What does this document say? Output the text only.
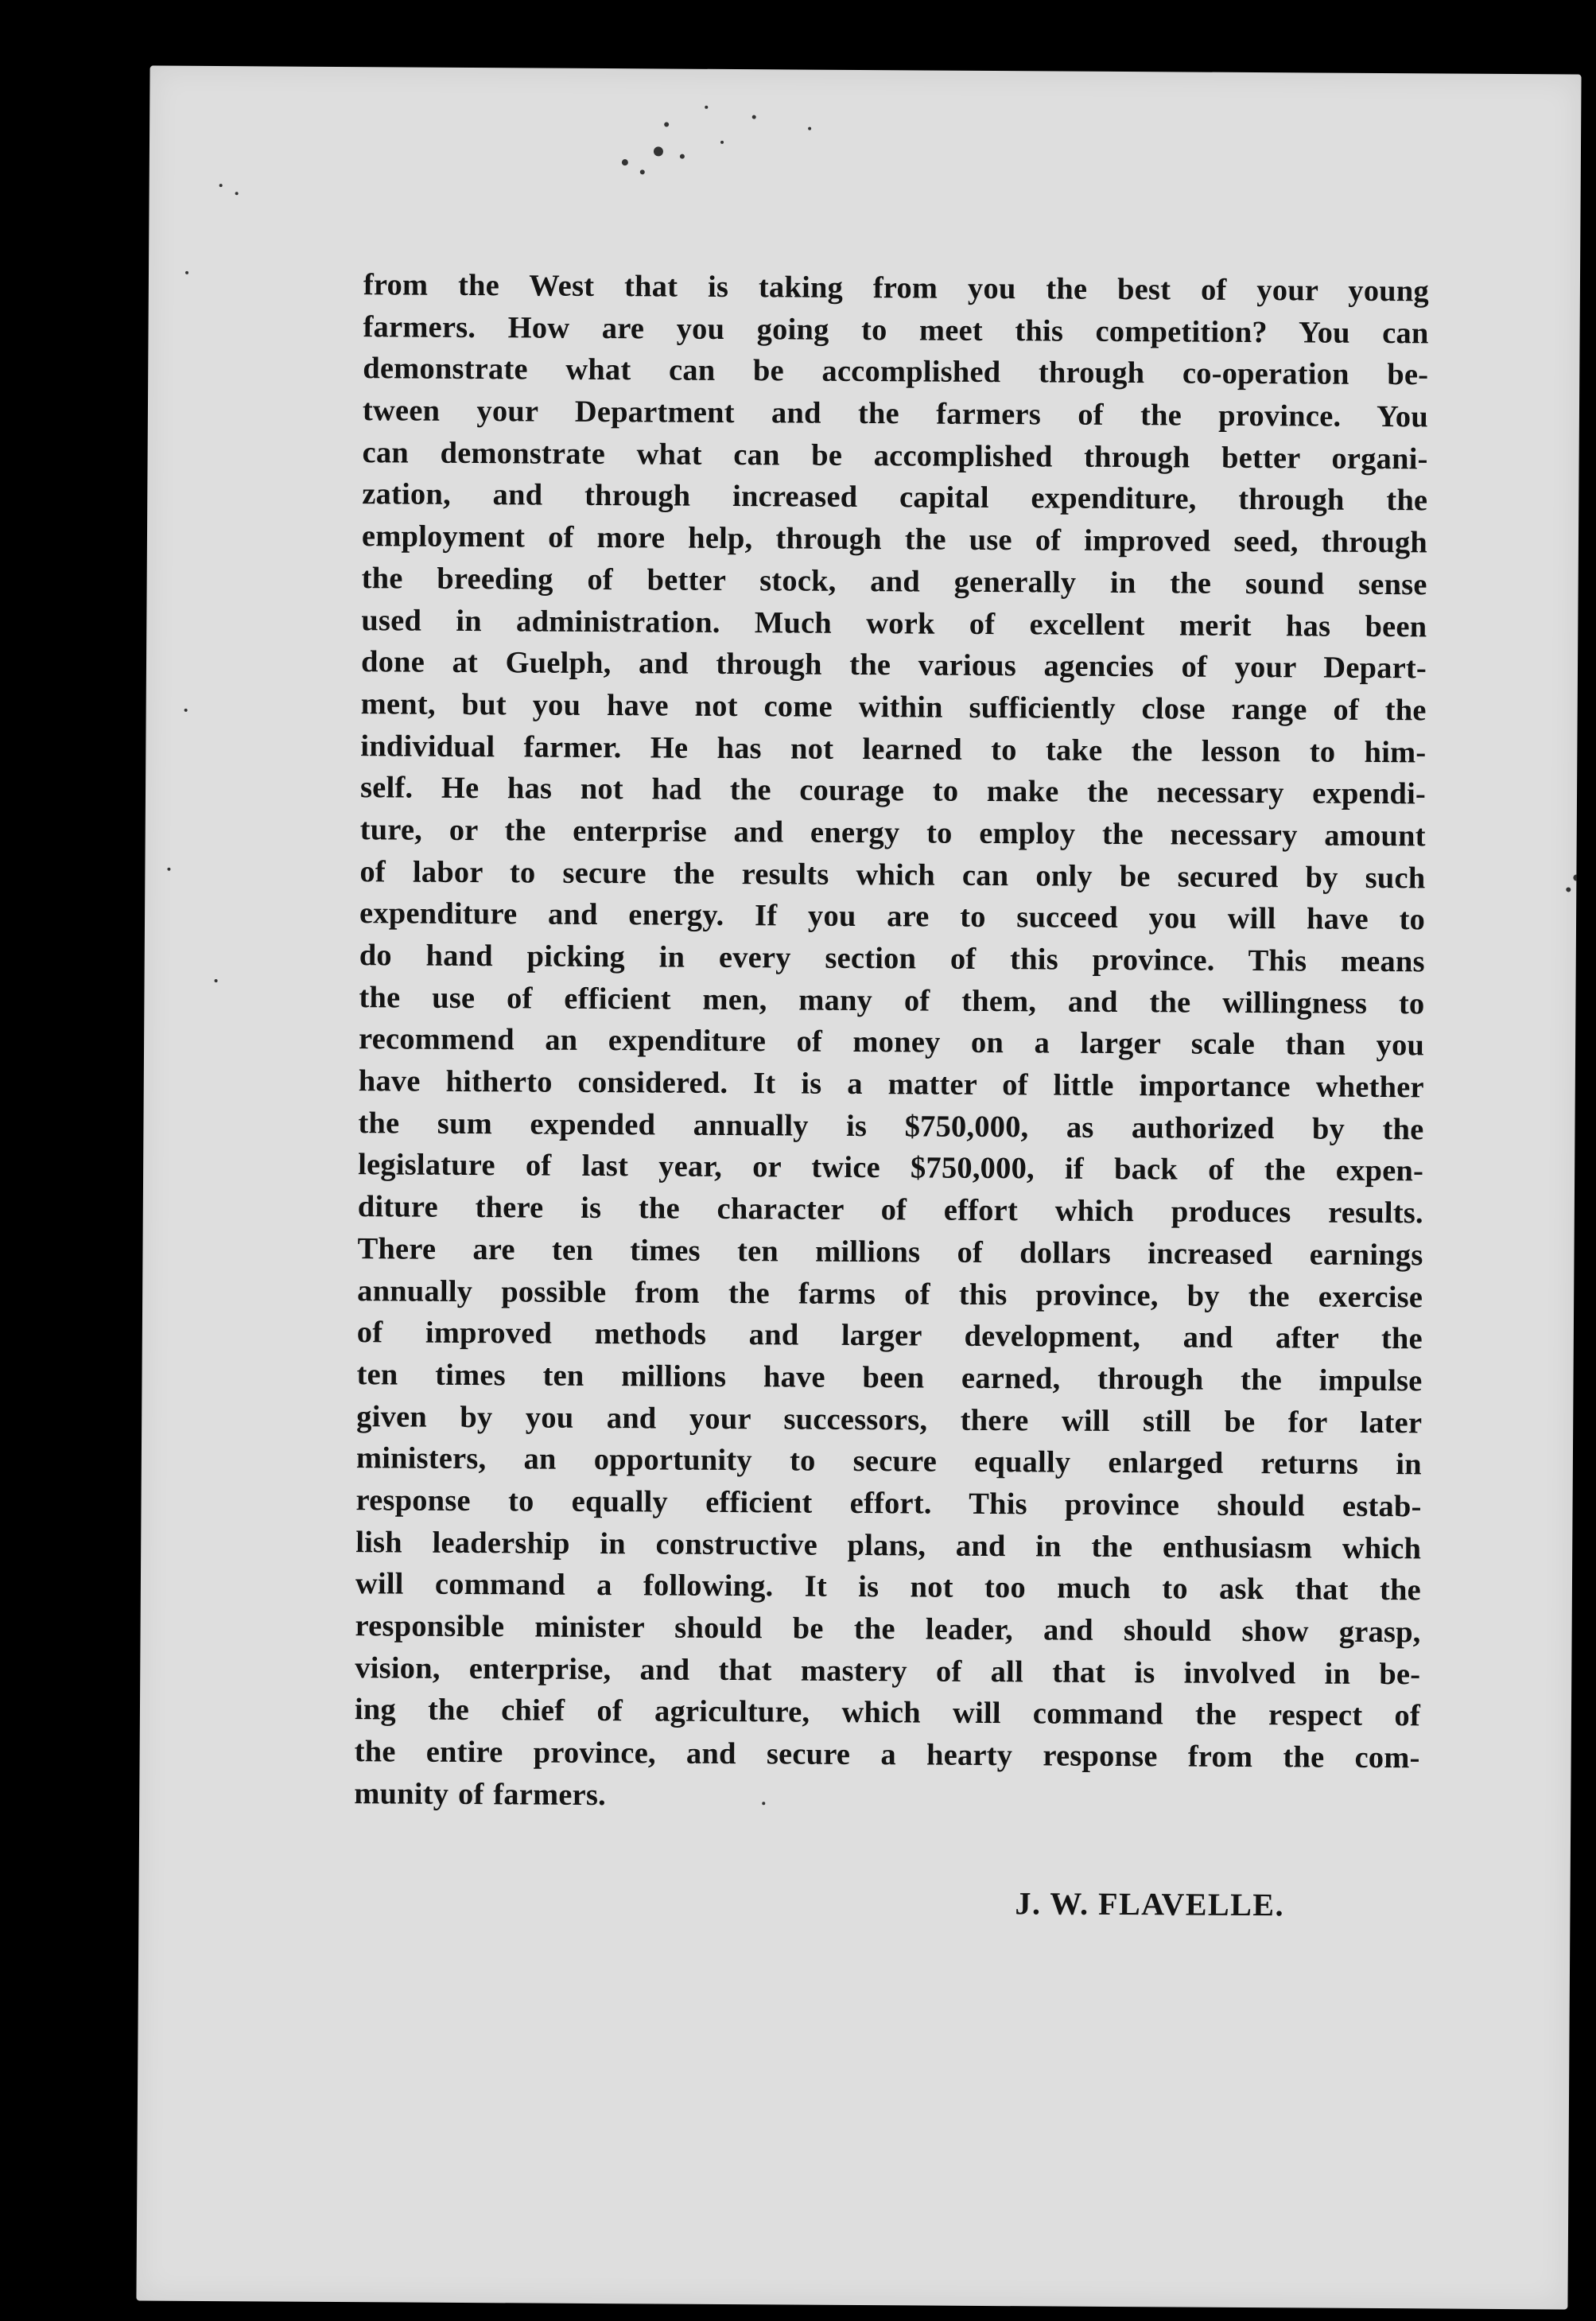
from the West that is taking from you the best of your young
farmers. How are you going to meet this competition? You can
demonstrate what can be accomplished through co-operation be-
tween your Department and the farmers of the province. You
can demonstrate what can be accomplished through better organi-
zation, and through increased capital expenditure, through the
employment of more help, through the use of improved seed, through
the breeding of better stock, and generally in the sound sense
used in administration. Much work of excellent merit has been
done at Guelph, and through the various agencies of your Depart-
ment, but you have not come within sufficiently close range of the
individual farmer. He has not learned to take the lesson to him-
self. He has not had the courage to make the necessary expendi-
ture, or the enterprise and energy to employ the necessary amount
of labor to secure the results which can only be secured by such
expenditure and energy. If you are to succeed you will have to
do hand picking in every section of this province. This means
the use of efficient men, many of them, and the willingness to
recommend an expenditure of money on a larger scale than you
have hitherto considered. It is a matter of little importance whether
the sum expended annually is $750,000, as authorized by the
legislature of last year, or twice $750,000, if back of the expen-
diture there is the character of effort which produces results.
There are ten times ten millions of dollars increased earnings
annually possible from the farms of this province, by the exercise
of improved methods and larger development, and after the
ten times ten millions have been earned, through the impulse
given by you and your successors, there will still be for later
ministers, an opportunity to secure equally enlarged returns in
response to equally efficient effort. This province should estab-
lish leadership in constructive plans, and in the enthusiasm which
will command a following. It is not too much to ask that the
responsible minister should be the leader, and should show grasp,
vision, enterprise, and that mastery of all that is involved in be-
ing the chief of agriculture, which will command the respect of
the entire province, and secure a hearty response from the com-
munity of farmers.
J. W. FLAVELLE.
